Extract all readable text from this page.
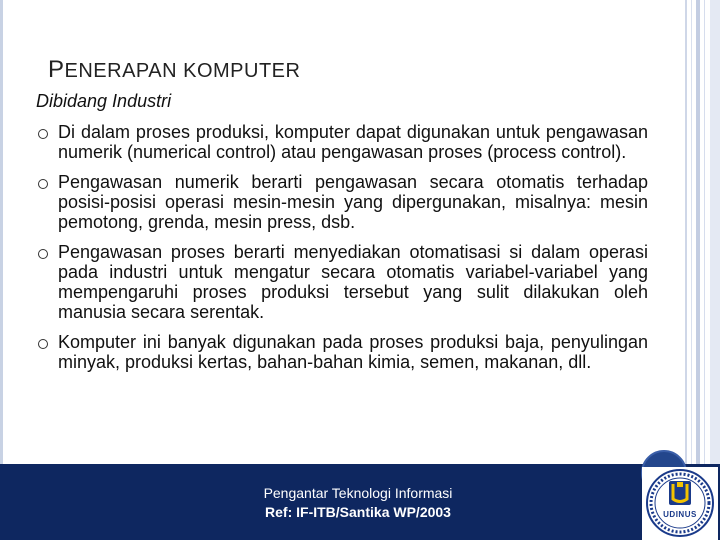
PENERAPAN KOMPUTER
Dibidang Industri
Di dalam proses produksi, komputer dapat digunakan untuk pengawasan numerik (numerical control) atau pengawasan proses (process control).
Pengawasan numerik berarti pengawasan secara otomatis terhadap posisi-posisi operasi mesin-mesin yang dipergunakan, misalnya: mesin pemotong, grenda, mesin press, dsb.
Pengawasan proses berarti menyediakan otomatisasi si dalam operasi pada industri untuk mengatur secara otomatis variabel-variabel yang mempengaruhi proses produksi tersebut yang sulit dilakukan oleh manusia secara serentak.
Komputer ini banyak digunakan pada proses produksi baja, penyulingan minyak, produksi kertas, bahan-bahan kimia, semen, makanan, dll.
Pengantar Teknologi Informasi
Ref: IF-ITB/Santika WP/2003	UDINUS
